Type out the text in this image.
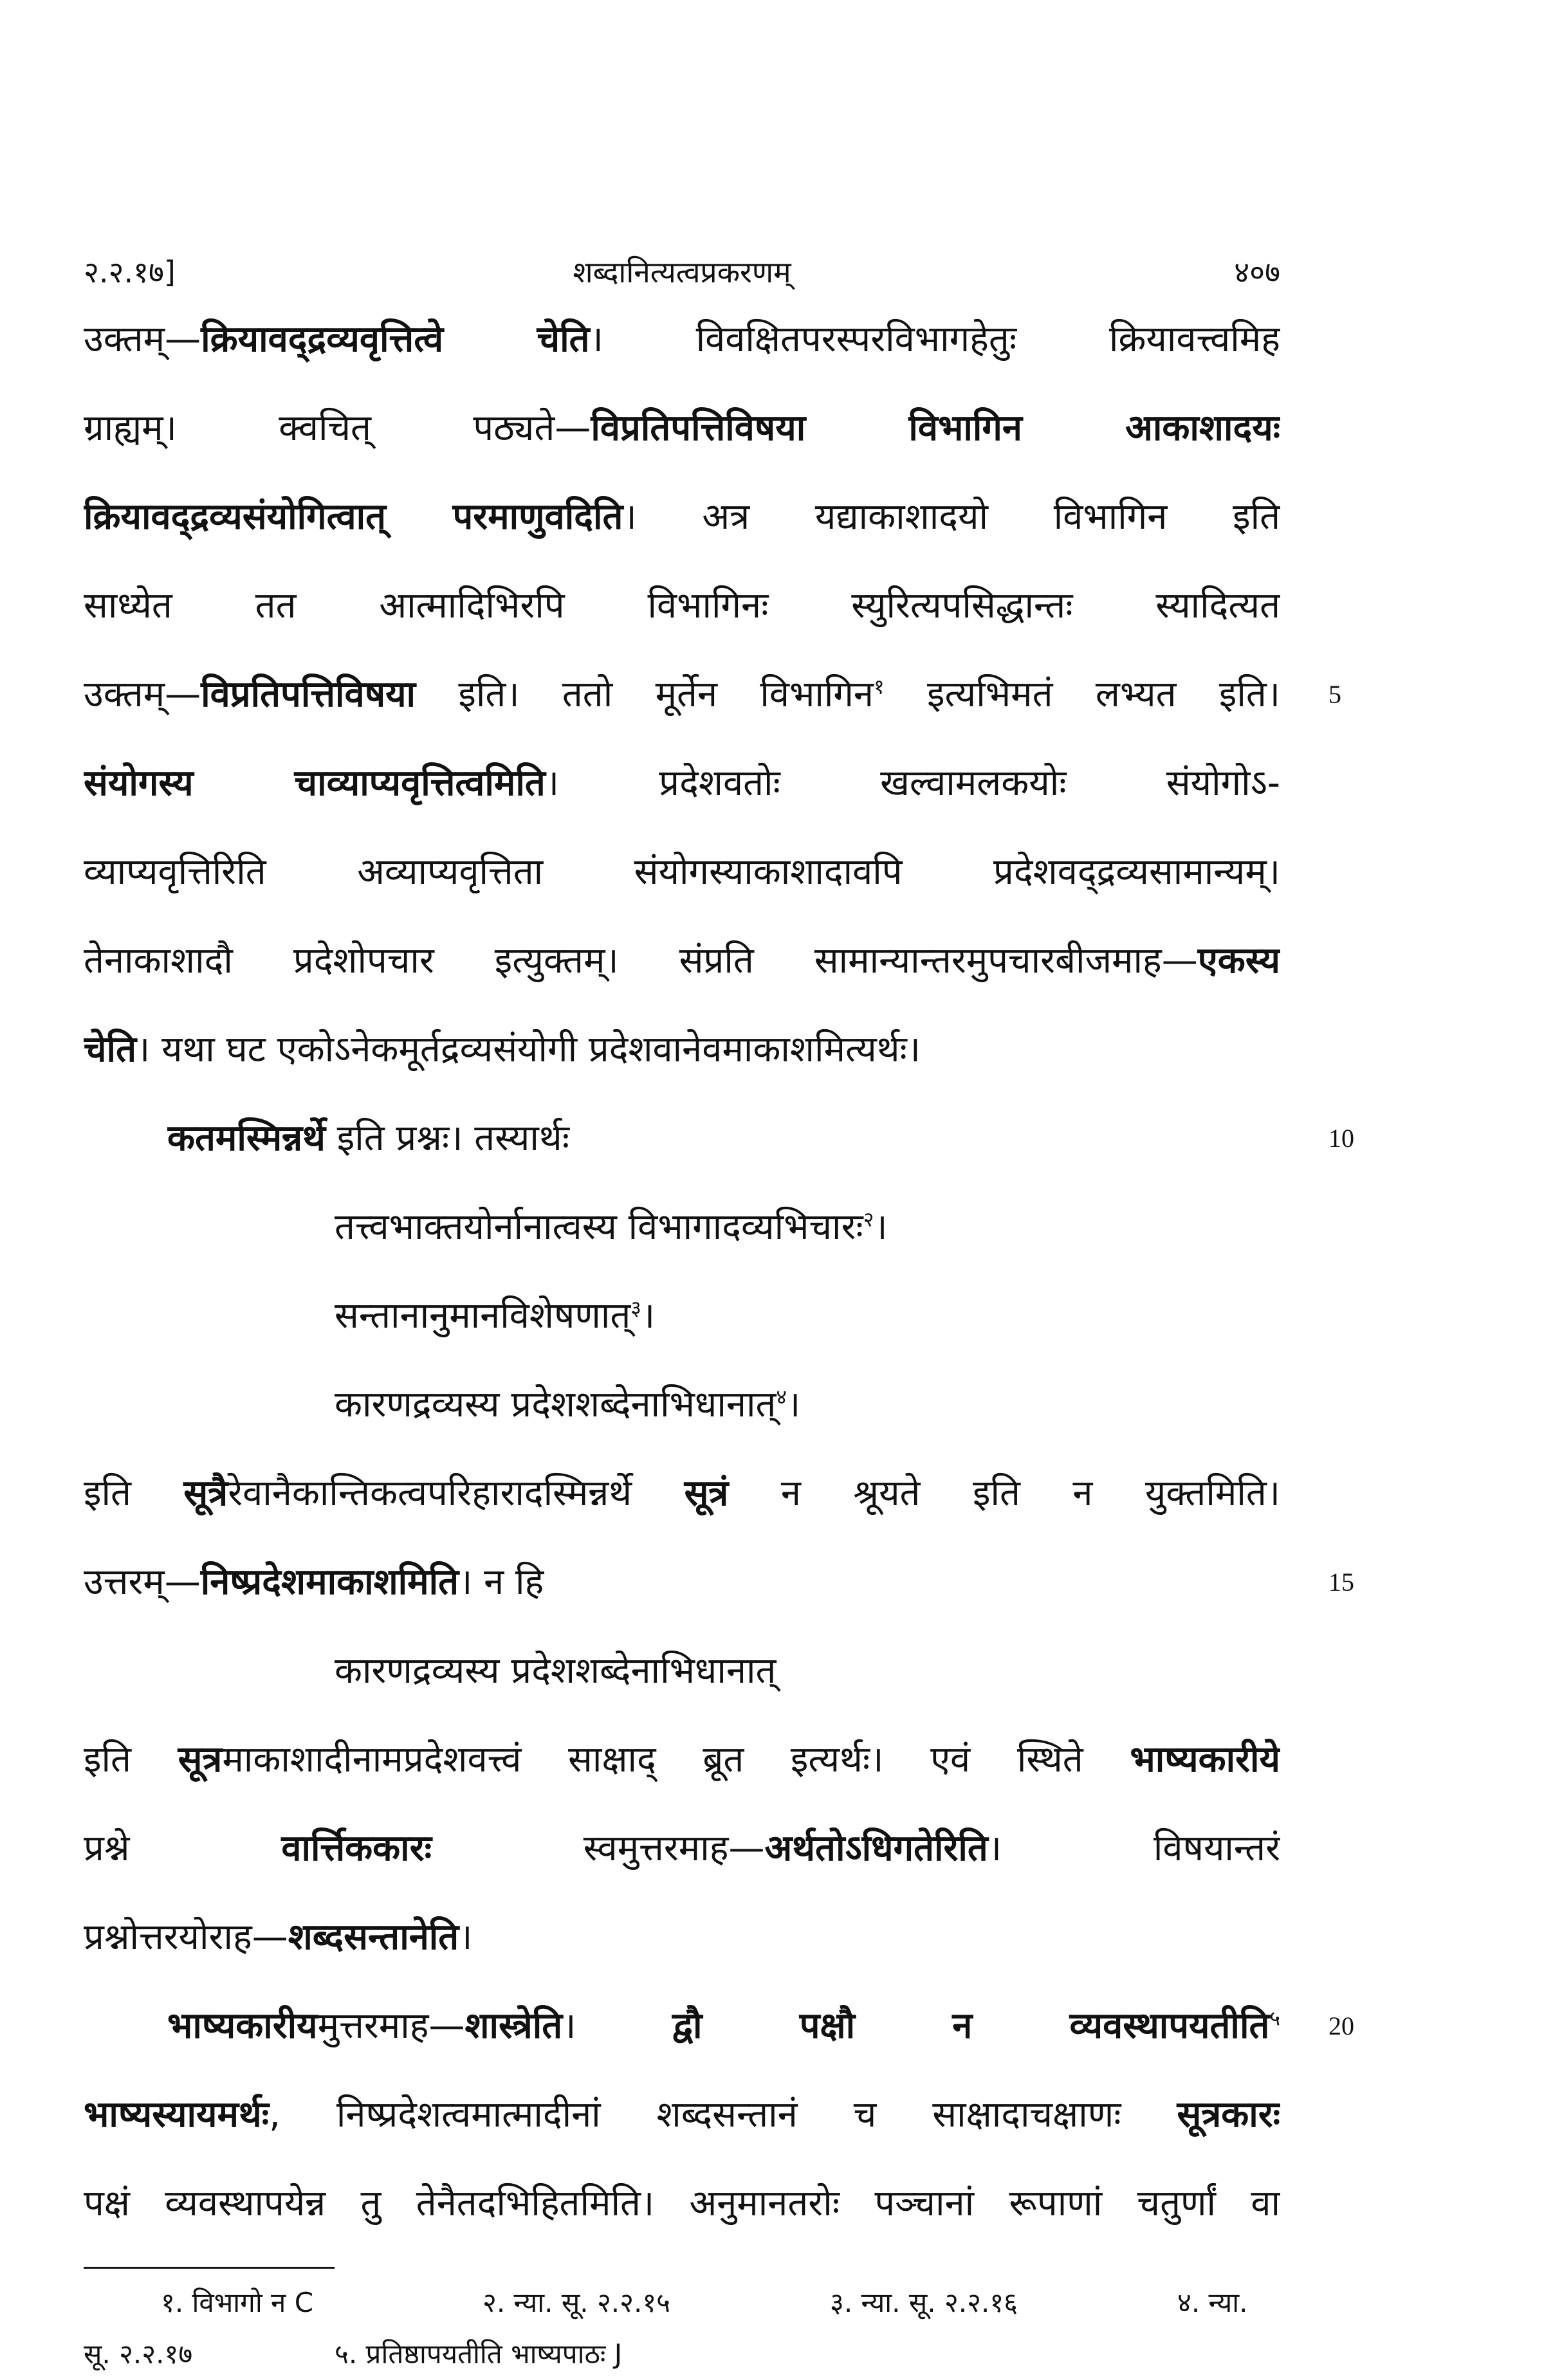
२.२.१७]	शब्दानित्यत्वप्रकरणम्	४०७
उक्तम्—क्रियावद्द्रव्यवृत्तित्वे चेति। विवक्षितपरस्परविभागहेतुः क्रियावत्त्वमिह
ग्राह्यम्। क्वचित् पठ्यते—विप्रतिपत्तिविषया विभागिन आकाशादयः
क्रियावद्द्रव्यसंयोगित्वात् परमाणुवदिति। अत्र यद्याकाशादयो विभागिन इति
साध्येत तत आत्मादिभिरपि विभागिनः स्युरित्यपसिद्धान्तः स्यादित्यत
उक्तम्—विप्रतिपत्तिविषया इति। ततो मूर्तेन विभागिन$^१$ इत्यभिमतं लभ्यत इति। 5
संयोगस्य चाव्याप्यवृत्तित्वमिति। प्रदेशवतोः खल्वामलकयोः संयोगोऽ-
व्याप्यवृत्तिरिति अव्याप्यवृत्तिता संयोगस्याकाशादावपि प्रदेशवद्द्रव्यसामान्यम्।
तेनाकाशादौ प्रदेशोपचार इत्युक्तम्। संप्रति सामान्यान्तरमुपचारबीजमाह—एकस्य
चेति। यथा घट एकोऽनेकमूर्तद्रव्यसंयोगी प्रदेशवानेवमाकाशमित्यर्थः।
कतमस्मिन्नर्थे इति प्रश्नः। तस्यार्थः	10
तत्त्वभाक्तयोर्नानात्वस्य विभागादव्यभिचारः$^२$।
सन्तानानुमानविशेषणात्$^३$।
कारणद्रव्यस्य प्रदेशशब्देनाभिधानात्$^४$।
इति सूत्रैरेवानैकान्तिकत्वपरिहारादस्मिन्नर्थे सूत्रं न श्रूयते इति न युक्तमिति।
उत्तरम्—निष्प्रदेशमाकाशमिति। न हि	15
कारणद्रव्यस्य प्रदेशशब्देनाभिधानात्
इति सूत्रमाकाशादीनामप्रदेशवत्त्वं साक्षाद् ब्रूत इत्यर्थः। एवं स्थिते भाष्यकारीये
प्रश्ने वार्त्तिककारः स्वमुत्तरमाह—अर्थतोऽधिगतेरिति। विषयान्तरं
प्रश्नोत्तरयोराह—शब्दसन्तानेति।
भाष्यकारीयमुत्तरमाह—शास्त्रेति। द्वौ पक्षौ न व्यवस्थापयतीति$^५$ 20
भाष्यस्यायमर्थः, निष्प्रदेशत्वमात्मादीनां शब्दसन्तानं च साक्षादाचक्षाणः सूत्रकारः
पक्षं व्यवस्थापयेन्न तु तेनैतदभिहितमिति। अनुमानतरोः पञ्चानां रूपाणां चतुर्णां वा
१. विभागो न C	२. न्या. सू. २.२.१५	३. न्या. सू. २.२.१६	४. न्या.
सू. २.२.१७	५. प्रतिष्ठापयतीति भाष्यपाठः J
